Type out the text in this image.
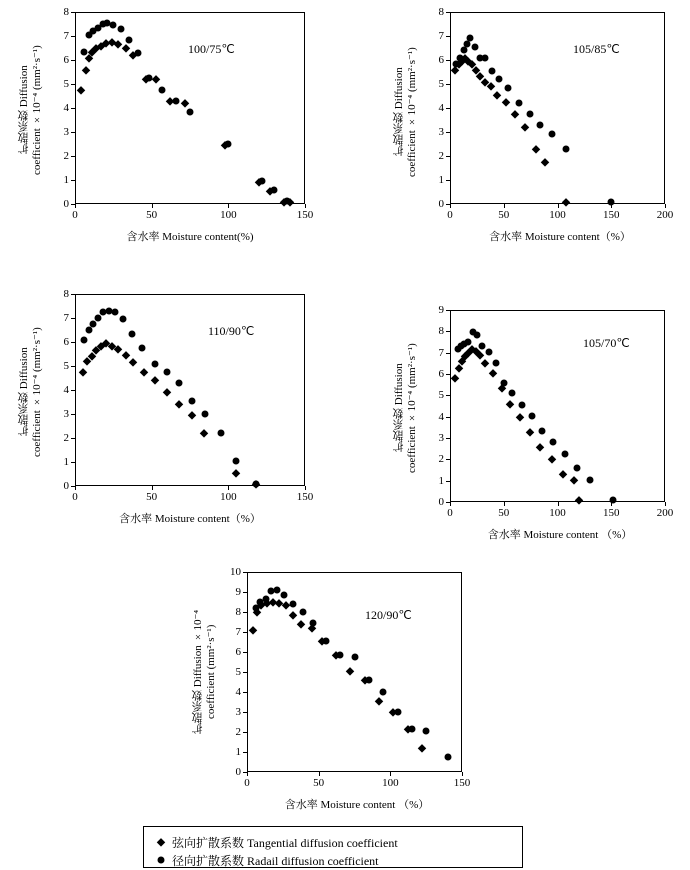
扩散系数 Diffusion
coefficient ×10⁻⁴ (mm²·s⁻¹)	100/75℃
含水率 Moisture content(%)
0
1
2
3
4
5
6
7
8
0	50	100	150
扩散系数 Diffusion
coefficient ×10⁻⁴ (mm²·s⁻¹)	105/85℃
含水率 Moisture content（%）
0
1
2
3
4
5
6
7
8
0	50	100	150	200
扩散系数 Diffusion
coefficient ×10⁻⁴ (mm²·s⁻¹)	110/90℃
含水率 Moisture content（%）
0
1
2
3
4
5
6
7
8
0	50	100	150
扩散系数 Diffusion
coefficient ×10⁻⁴ (mm²·s⁻¹)
105/70℃
含水率 Moisture content （%）
0
1
2
3
4
5
6
7
8
9
0	50	100	150	200
扩散系数 Diffusion ×10⁻⁴
coefficient (mm²·s⁻¹)
120/90℃
含水率 Moisture content （%）
0
1
2
3
4
5
6
7
8
9
10
0	50	100	150
弦向扩散系数 Tangential diffusion coefficient
径向扩散系数 Radail diffusion coefficient
